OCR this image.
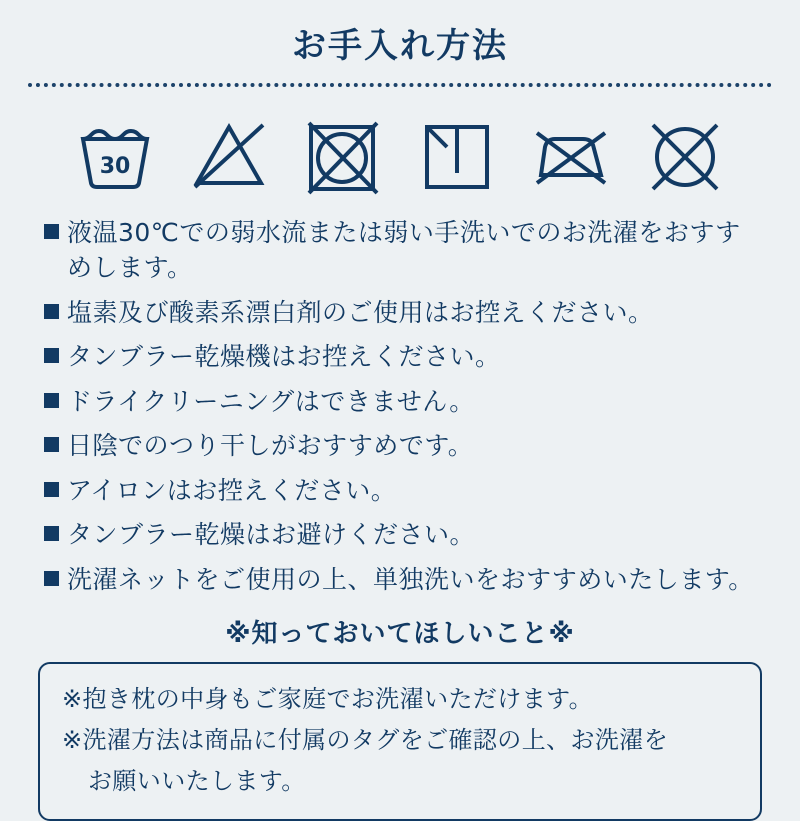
お手入れ方法
30
液温30℃での弱水流または弱い手洗いでのお洗濯をおすすめします。
塩素及び酸素系漂白剤のご使用はお控えください。
タンブラー乾燥機はお控えください。
ドライクリーニングはできません。
日陰でのつり干しがおすすめです。
アイロンはお控えください。
タンブラー乾燥はお避けください。
洗濯ネットをご使用の上、単独洗いをおすすめいたします。
※知っておいてほしいこと※
※抱き枕の中身もご家庭でお洗濯いただけます。
※洗濯方法は商品に付属のタグをご確認の上、お洗濯を
お願いいたします。
